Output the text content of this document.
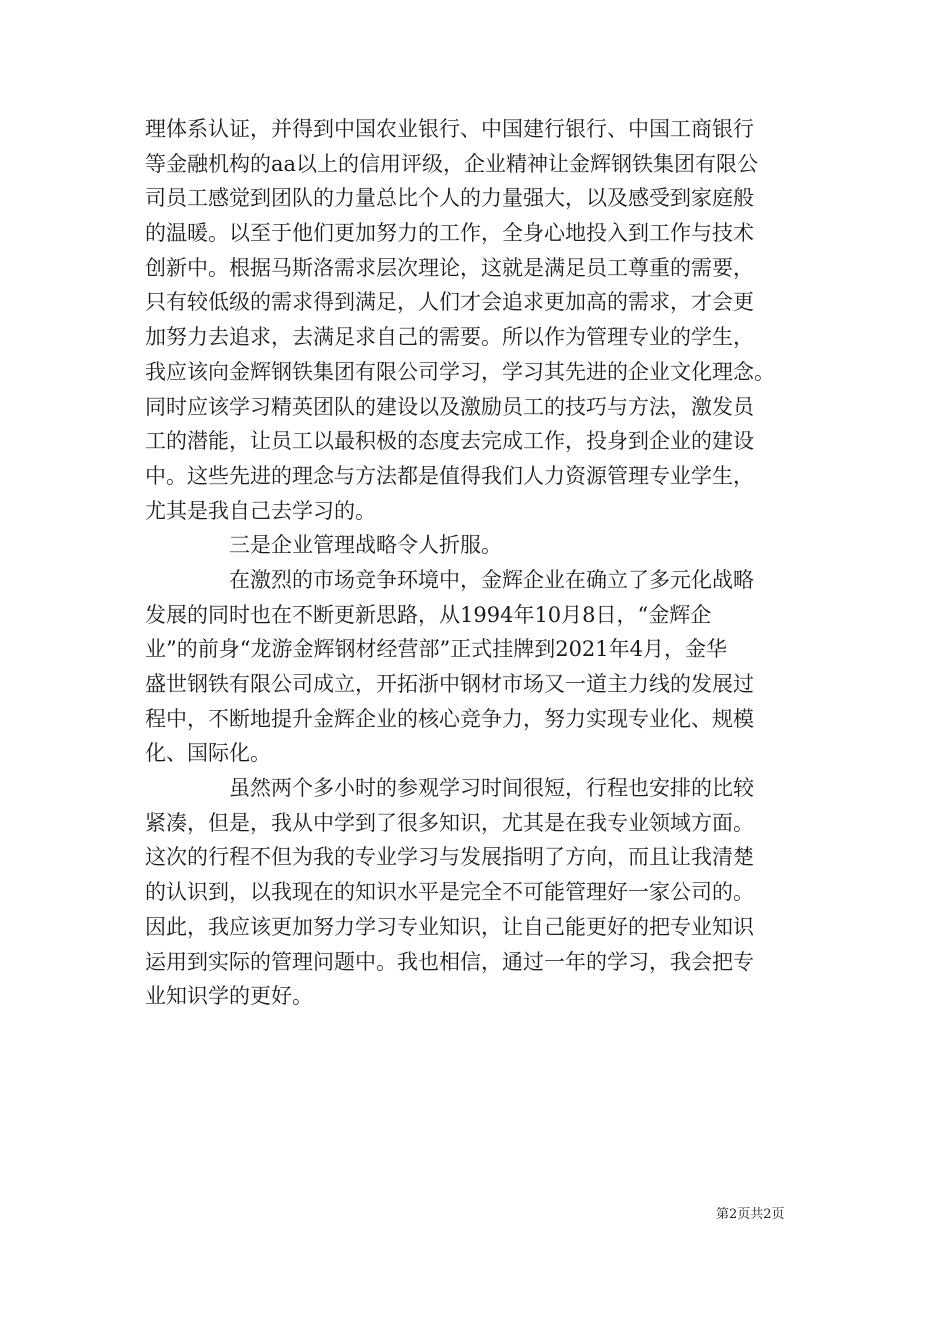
理体系认证，并得到中国农业银行、中国建行银行、中国工商银行
等金融机构的aa以上的信用评级，企业精神让金辉钢铁集团有限公
司员工感觉到团队的力量总比个人的力量强大，以及感受到家庭般
的温暖。以至于他们更加努力的工作，全身心地投入到工作与技术
创新中。根据马斯洛需求层次理论，这就是满足员工尊重的需要，
只有较低级的需求得到满足，人们才会追求更加高的需求，才会更
加努力去追求，去满足求自己的需要。所以作为管理专业的学生，
我应该向金辉钢铁集团有限公司学习，学习其先进的企业文化理念。
同时应该学习精英团队的建设以及激励员工的技巧与方法，激发员
工的潜能，让员工以最积极的态度去完成工作，投身到企业的建设
中。这些先进的理念与方法都是值得我们人力资源管理专业学生，
尤其是我自己去学习的。
三是企业管理战略令人折服。
在激烈的市场竞争环境中，金辉企业在确立了多元化战略
发展的同时也在不断更新思路，从1994年10月8日，“金辉企
业”的前身“龙游金辉钢材经营部”正式挂牌到2021年4月，金华
盛世钢铁有限公司成立，开拓浙中钢材市场又一道主力线的发展过
程中，不断地提升金辉企业的核心竞争力，努力实现专业化、规模
化、国际化。
虽然两个多小时的参观学习时间很短，行程也安排的比较
紧凑，但是，我从中学到了很多知识，尤其是在我专业领域方面。
这次的行程不但为我的专业学习与发展指明了方向，而且让我清楚
的认识到，以我现在的知识水平是完全不可能管理好一家公司的。
因此，我应该更加努力学习专业知识，让自己能更好的把专业知识
运用到实际的管理问题中。我也相信，通过一年的学习，我会把专
业知识学的更好。
第2页共2页
